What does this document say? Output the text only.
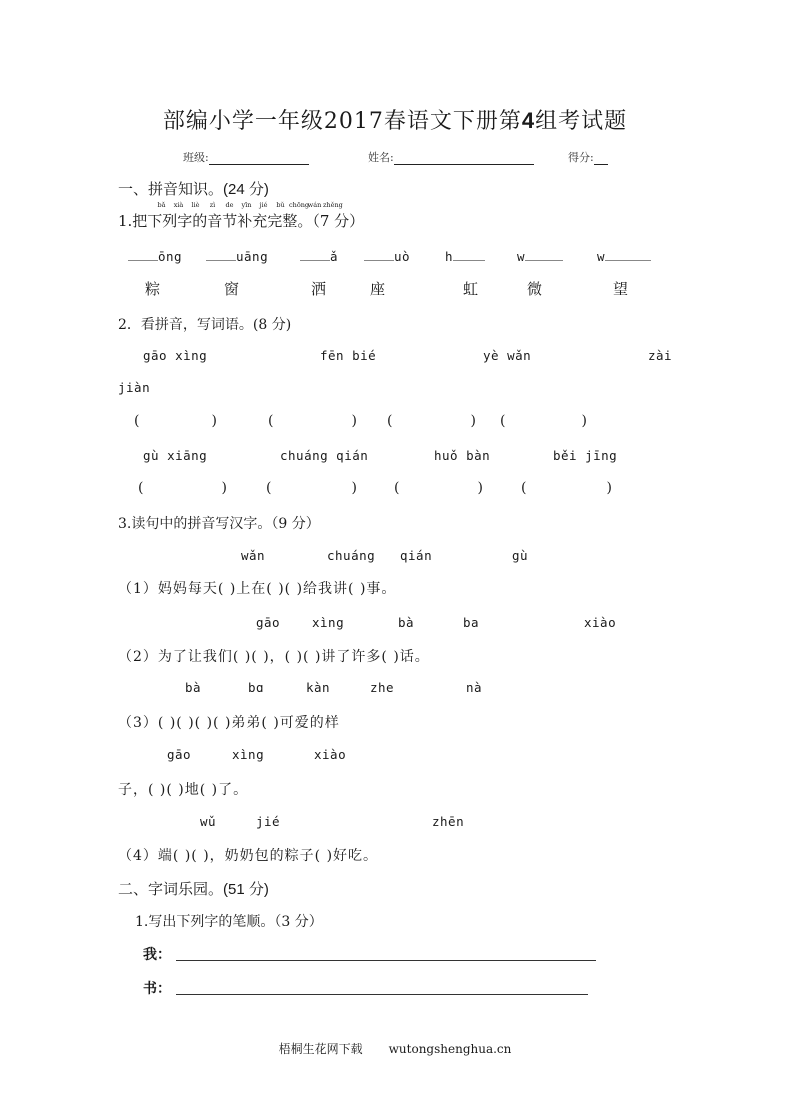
部编小学一年级2017春语文下册第4组考试题
班级:	姓名:	得分:
一、拼音知识。(24 分)
bǎ xià liè zì de yīn jié bǔ chōngwán zhěng
1.把下列字的音节补充完整。（7 分）
ōng	uāng	ǎ	uò	h	w	w
粽	窗	洒	座	虹	微	望
2．看拼音，写词语。(8 分)
gāo xìng	fēn bié	yè wǎn	zài
jiàn
(	)	(	) (	) (	)
gù xiāng	chuáng qián	huǒ bàn	běi jīng
(	)	(	)	(	)	(	)
3.读句中的拼音写汉字。（9 分）
wǎn	chuáng qián	gù
（1）妈妈每天( )上在( )( )给我讲( )事。
gāo	xìng	bà	ba	xiào
（2）为了让我们( )( )，( )( )讲了许多( )话。
bà	bɑ	kàn	zhe	nà
（3）( )( )( )( )弟弟( )可爱的样
gāo	xìng	xiào
子，( )( )地( )了。
wǔ	jié	zhēn
（4）端( )( )，奶奶包的粽子( )好吃。
二、字词乐园。(51 分)
1.写出下列字的笔顺。（3 分）
我：
书：
梧桐生花网下载 wutongshenghua.cn
